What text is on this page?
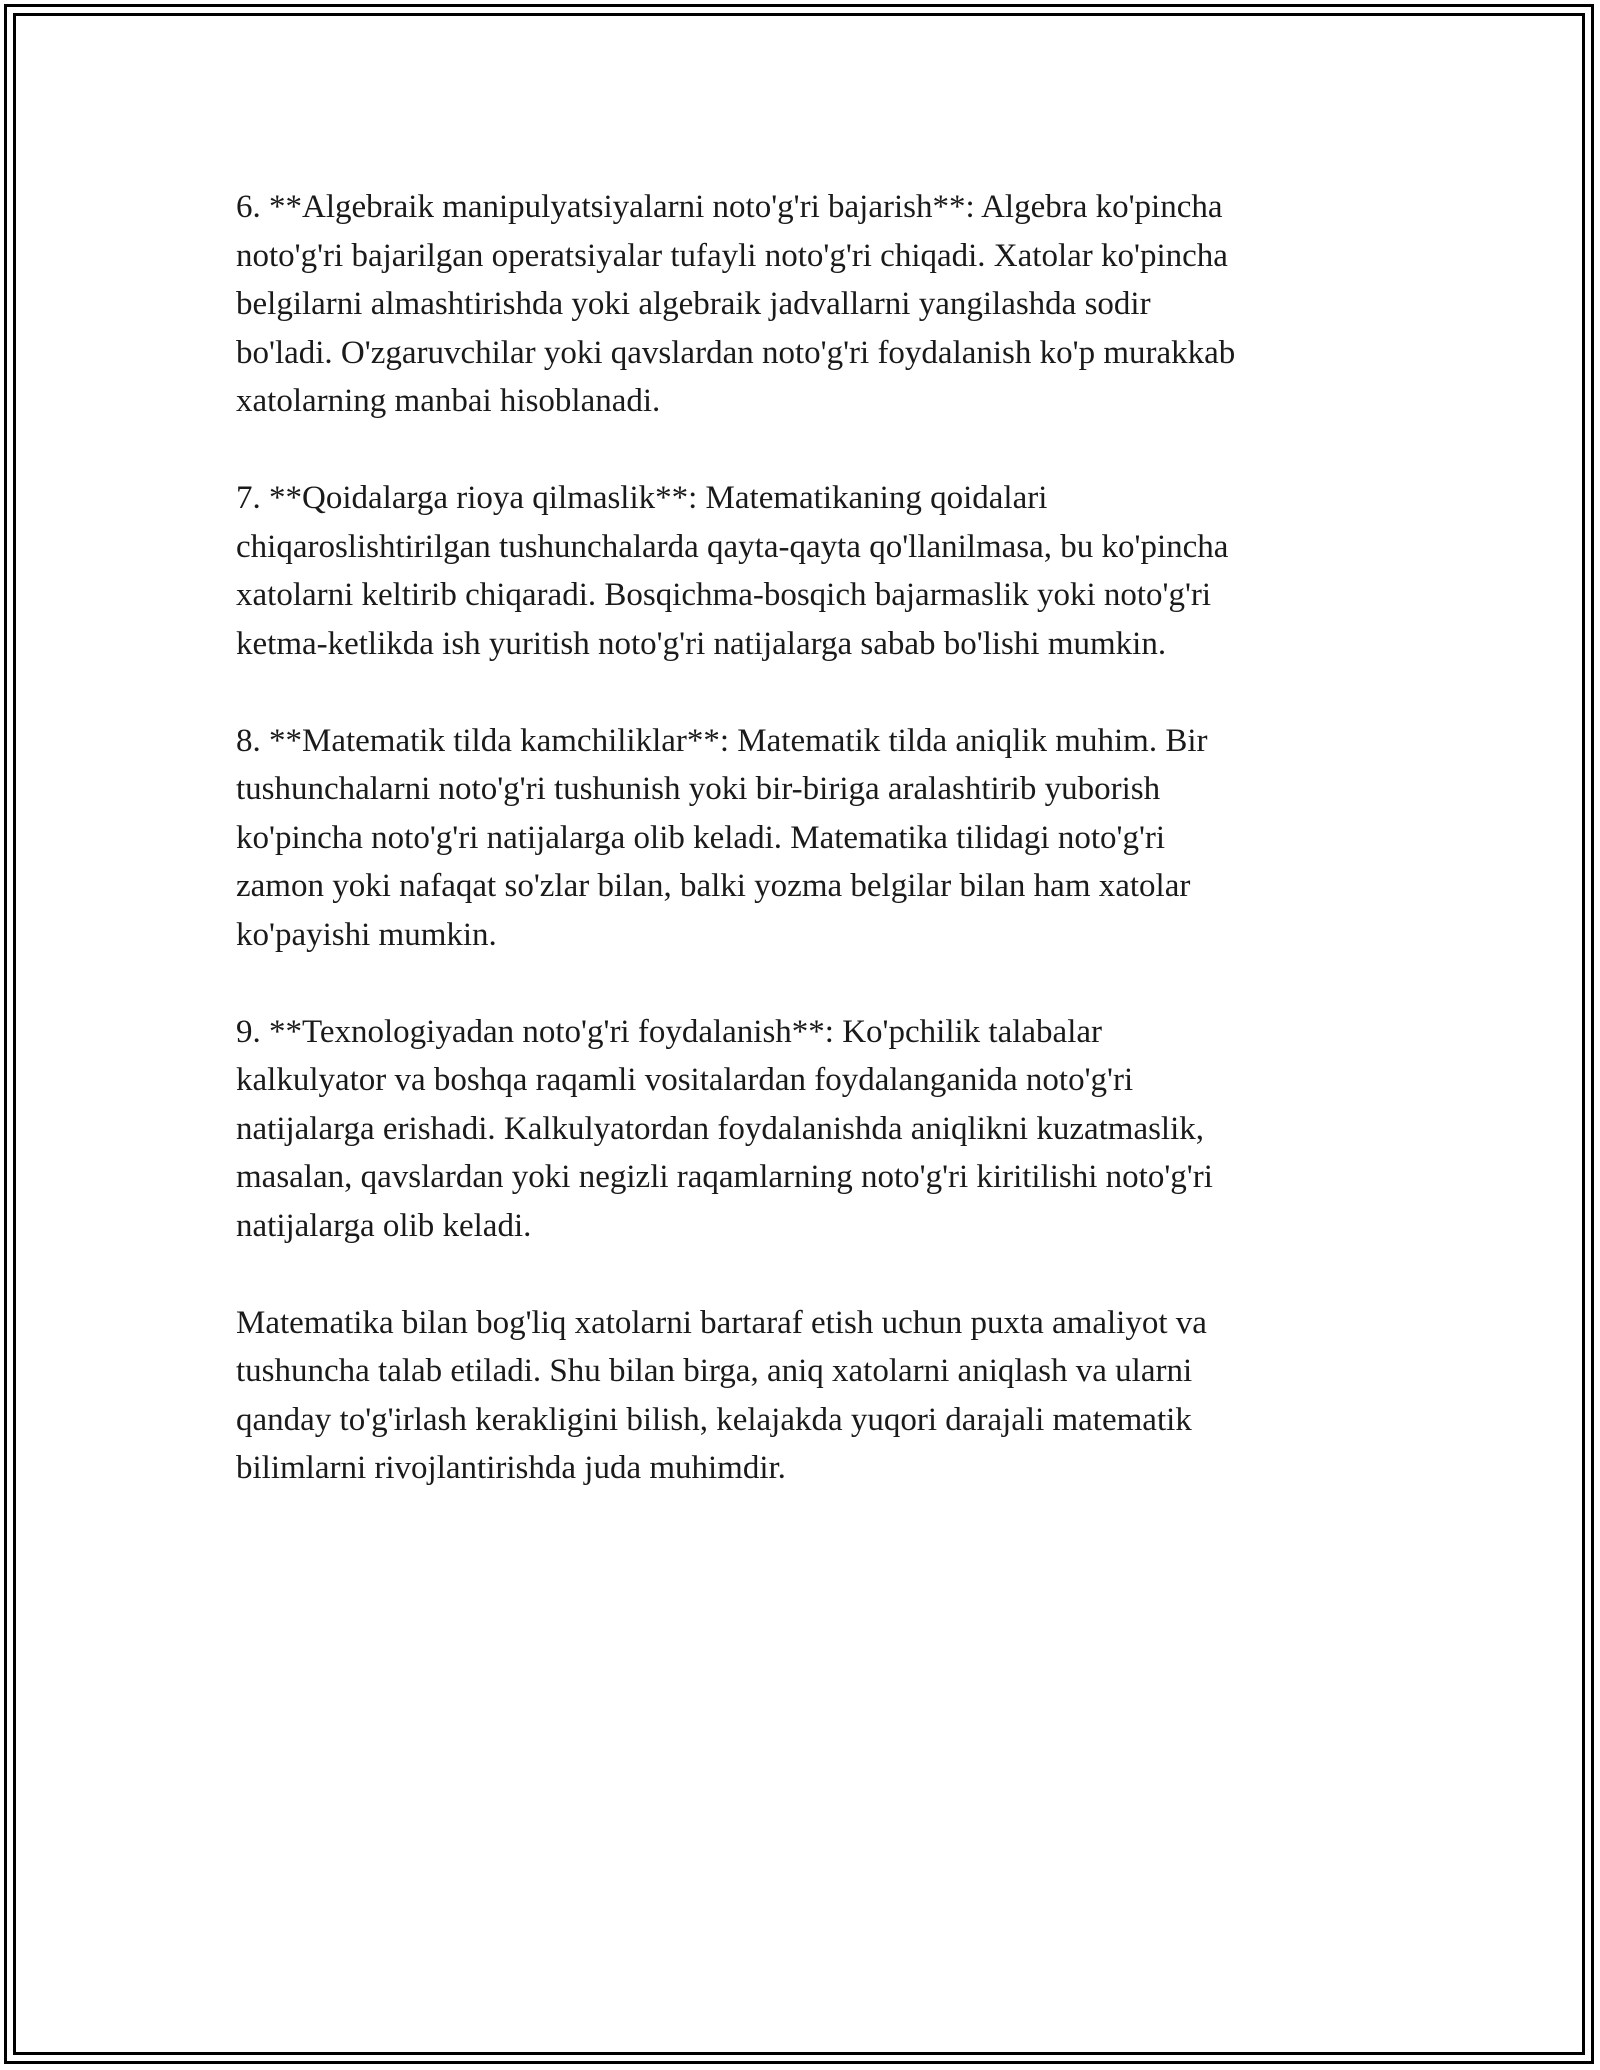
6. **Algebraik manipulyatsiyalarni noto'g'ri bajarish**: Algebra ko'pincha
noto'g'ri bajarilgan operatsiyalar tufayli noto'g'ri chiqadi. Xatolar ko'pincha
belgilarni almashtirishda yoki algebraik jadvallarni yangilashda sodir
bo'ladi. O'zgaruvchilar yoki qavslardan noto'g'ri foydalanish ko'p murakkab
xatolarning manbai hisoblanadi.

7. **Qoidalarga rioya qilmaslik**: Matematikaning qoidalari
chiqaroslishtirilgan tushunchalarda qayta-qayta qo'llanilmasa, bu ko'pincha
xatolarni keltirib chiqaradi. Bosqichma-bosqich bajarmaslik yoki noto'g'ri
ketma-ketlikda ish yuritish noto'g'ri natijalarga sabab bo'lishi mumkin.

8. **Matematik tilda kamchiliklar**: Matematik tilda aniqlik muhim. Bir
tushunchalarni noto'g'ri tushunish yoki bir-biriga aralashtirib yuborish
ko'pincha noto'g'ri natijalarga olib keladi. Matematika tilidagi noto'g'ri
zamon yoki nafaqat so'zlar bilan, balki yozma belgilar bilan ham xatolar
ko'payishi mumkin.

9. **Texnologiyadan noto'g'ri foydalanish**: Ko'pchilik talabalar
kalkulyator va boshqa raqamli vositalardan foydalanganida noto'g'ri
natijalarga erishadi. Kalkulyatordan foydalanishda aniqlikni kuzatmaslik,
masalan, qavslardan yoki negizli raqamlarning noto'g'ri kiritilishi noto'g'ri
natijalarga olib keladi.

Matematika bilan bog'liq xatolarni bartaraf etish uchun puxta amaliyot va
tushuncha talab etiladi. Shu bilan birga, aniq xatolarni aniqlash va ularni
qanday to'g'irlash kerakligini bilish, kelajakda yuqori darajali matematik
bilimlarni rivojlantirishda juda muhimdir.
